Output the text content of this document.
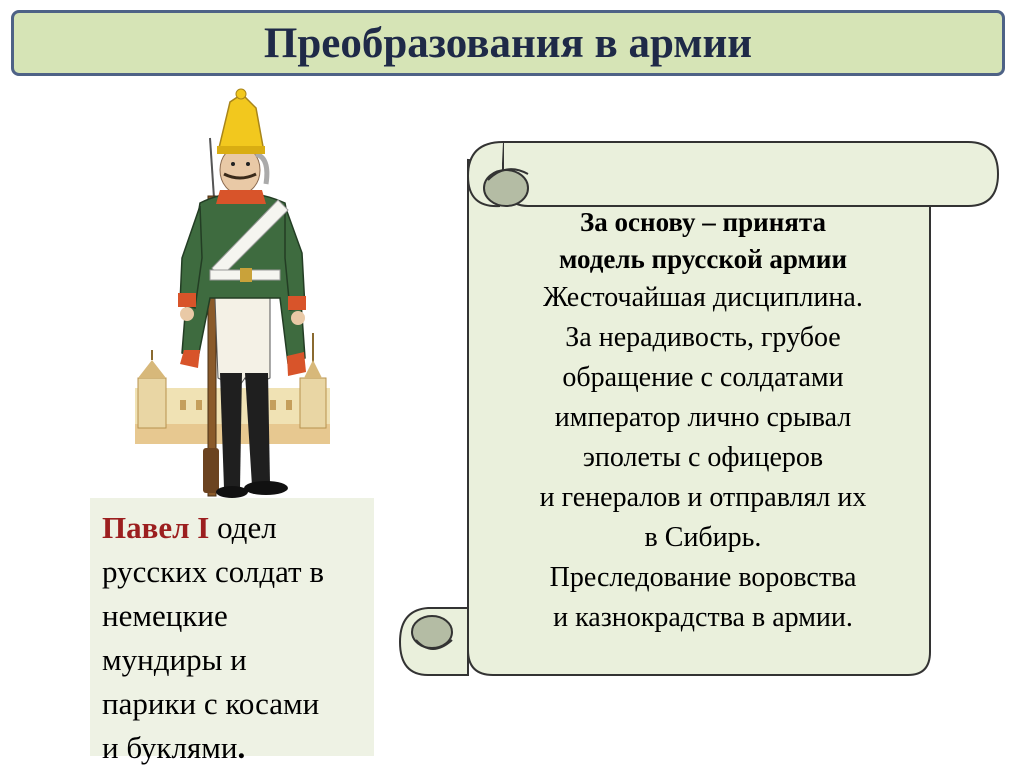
Преобразования в армии
Павел I одел
русских солдат в
немецкие
мундиры и
парики с косами
и буклями.
За основу – принята
модель прусской армии
Жесточайшая дисциплина.
За нерадивость, грубое
обращение с солдатами
император лично срывал
эполеты с офицеров
и генералов и отправлял их
в Сибирь.
Преследование воровства
и казнокрадства в армии.
